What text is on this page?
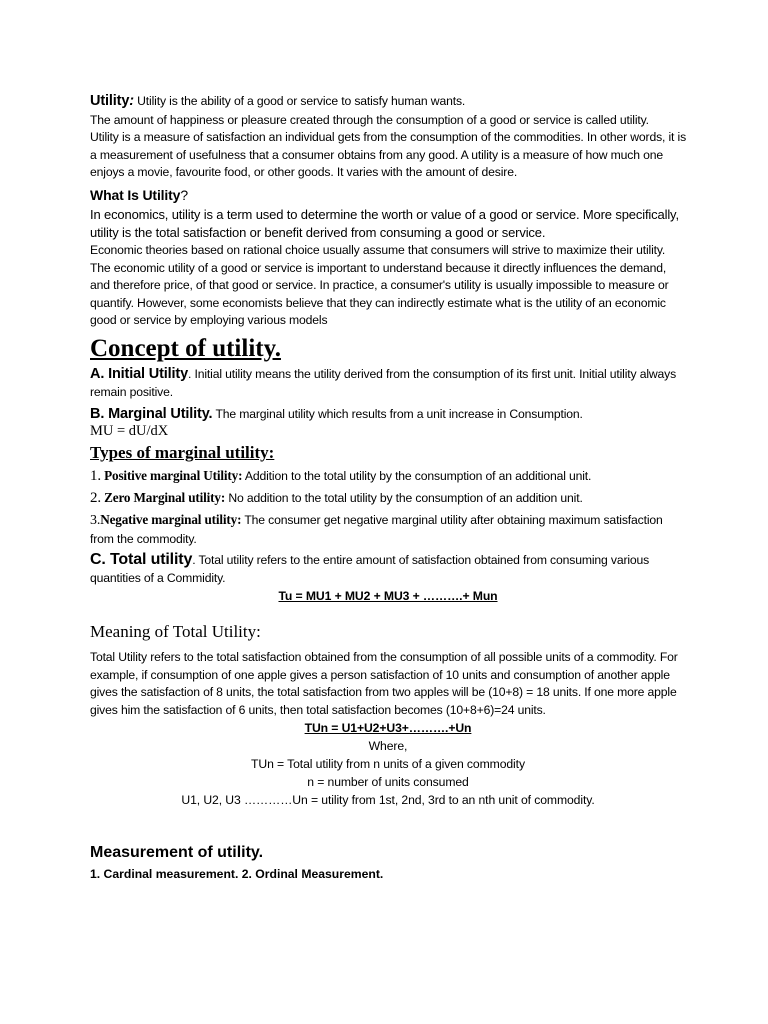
Utility: Utility is the ability of a good or service to satisfy human wants.

The amount of happiness or pleasure created through the consumption of a good or service is called utility.

Utility is a measure of satisfaction an individual gets from the consumption of the commodities. In other words, it is a measurement of usefulness that a consumer obtains from any good. A utility is a measure of how much one enjoys a movie, favourite food, or other goods. It varies with the amount of desire.

What Is Utility?

In economics, utility is a term used to determine the worth or value of a good or service. More specifically, utility is the total satisfaction or benefit derived from consuming a good or service.

Economic theories based on rational choice usually assume that consumers will strive to maximize their utility. The economic utility of a good or service is important to understand because it directly influences the demand, and therefore price, of that good or service. In practice, a consumer's utility is usually impossible to measure or quantify. However, some economists believe that they can indirectly estimate what is the utility of an economic good or service by employing various models

Concept of utility.

A. Initial Utility. Initial utility means the utility derived from the consumption of its first unit. Initial utility always remain positive.

B. Marginal Utility. The marginal utility which results from a unit increase in Consumption.

MU = dU/dX

Types of marginal utility:

1. Positive marginal Utility: Addition to the total utility by the consumption of an additional unit.

2. Zero Marginal utility: No addition to the total utility by the consumption of an addition unit.

3.Negative marginal utility: The consumer get negative marginal utility after obtaining maximum satisfaction from the commodity.

C. Total utility. Total utility refers to the entire amount of satisfaction obtained from consuming various quantities of a Commidity.

Tu = MU1 + MU2 + MU3 + ……….+ Mun

Meaning of Total Utility:

Total Utility refers to the total satisfaction obtained from the consumption of all possible units of a commodity. For example, if consumption of one apple gives a person satisfaction of 10 units and consumption of another apple gives the satisfaction of 8 units, the total satisfaction from two apples will be (10+8) = 18 units. If one more apple gives him the satisfaction of 6 units, then total satisfaction becomes (10+8+6)=24 units.

TUn = U1+U2+U3+……….+Un

Where,

TUn = Total utility from n units of a given commodity

n = number of units consumed

U1, U2, U3 …………Un = utility from 1st, 2nd, 3rd to an nth unit of commodity.

Measurement of utility.

1. Cardinal measurement. 2. Ordinal Measurement.
